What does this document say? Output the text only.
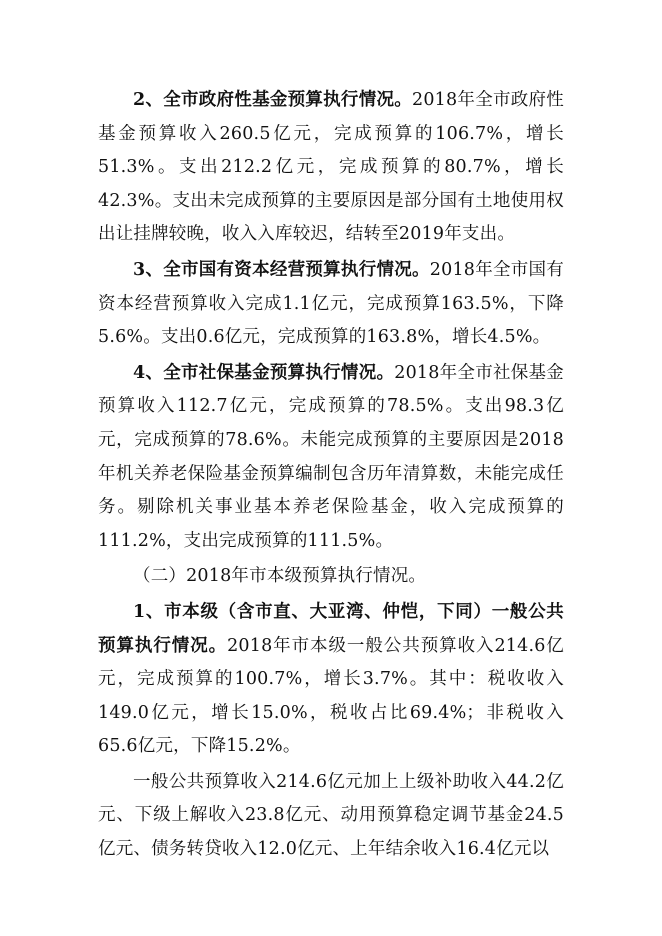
2、全市政府性基金预算执行情况。2018年全市政府性基金预算收入260.5亿元，完成预算的106.7%，增长51.3%。支出212.2亿元，完成预算的80.7%，增长42.3%。支出未完成预算的主要原因是部分国有土地使用权出让挂牌较晚，收入入库较迟，结转至2019年支出。

3、全市国有资本经营预算执行情况。2018年全市国有资本经营预算收入完成1.1亿元，完成预算163.5%，下降5.6%。支出0.6亿元，完成预算的163.8%，增长4.5%。

4、全市社保基金预算执行情况。2018年全市社保基金预算收入112.7亿元，完成预算的78.5%。支出98.3亿元，完成预算的78.6%。未能完成预算的主要原因是2018年机关养老保险基金预算编制包含历年清算数，未能完成任务。剔除机关事业基本养老保险基金，收入完成预算的111.2%，支出完成预算的111.5%。

（二）2018年市本级预算执行情况。

1、市本级（含市直、大亚湾、仲恺，下同）一般公共预算执行情况。2018年市本级一般公共预算收入214.6亿元，完成预算的100.7%，增长3.7%。其中：税收收入149.0亿元，增长15.0%，税收占比69.4%；非税收入65.6亿元，下降15.2%。

一般公共预算收入214.6亿元加上上级补助收入44.2亿元、下级上解收入23.8亿元、动用预算稳定调节基金24.5亿元、债务转贷收入12.0亿元、上年结余收入16.4亿元以
